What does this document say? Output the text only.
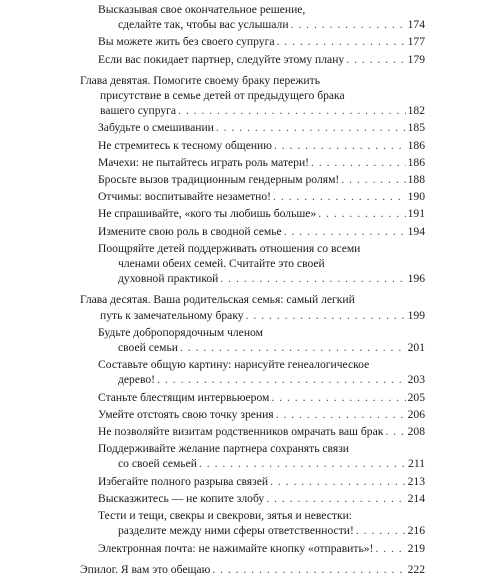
Высказывая свое окончательное решение,
сделайте так, чтобы вас услышали . . .	174
Вы можете жить без своего супруга . . .	177
Если вас покидает партнер, следуйте этому плану . . .	179
Глава девятая. Помогите своему браку пережить
присутствие в семье детей от предыдущего брака
вашего супруга . . .	182
Забудьте о смешивании . . .	185
Не стремитесь к тесному общению . . .	186
Мачехи: не пытайтесь играть роль матери! . . .	186
Бросьте вызов традиционным гендерным ролям! . . .	188
Отчимы: воспитывайте незаметно! . . .	190
Не спрашивайте, «кого ты любишь больше» . . .	191
Измените свою роль в сводной семье . . .	194
Поощряйте детей поддерживать отношения со всеми
членами обеих семей. Считайте это своей
духовной практикой . . .	196
Глава десятая. Ваша родительская семья: самый легкий
путь к замечательному браку . . .	199
Будьте добропорядочным членом
своей семьи . . .	201
Составьте общую картину: нарисуйте генеалогическое
дерево! . . .	203
Станьте блестящим интервьюером . . .	205
Умейте отстоять свою точку зрения . . .	206
Не позволяйте визитам родственников омрачать ваш брак . . . 208
Поддерживайте желание партнера сохранять связи
со своей семьей . . .	211
Избегайте полного разрыва связей . . .	213
Высказжитесь — не копите злобу . . .	214
Тести и тещи, свекры и свекрови, зятья и невестки:
разделите между ними сферы ответственности! . . .	216
Электронная почта: не нажимайте кнопку «отправить»! . . .	219
Эпилог. Я вам это обещаю . . .	222
